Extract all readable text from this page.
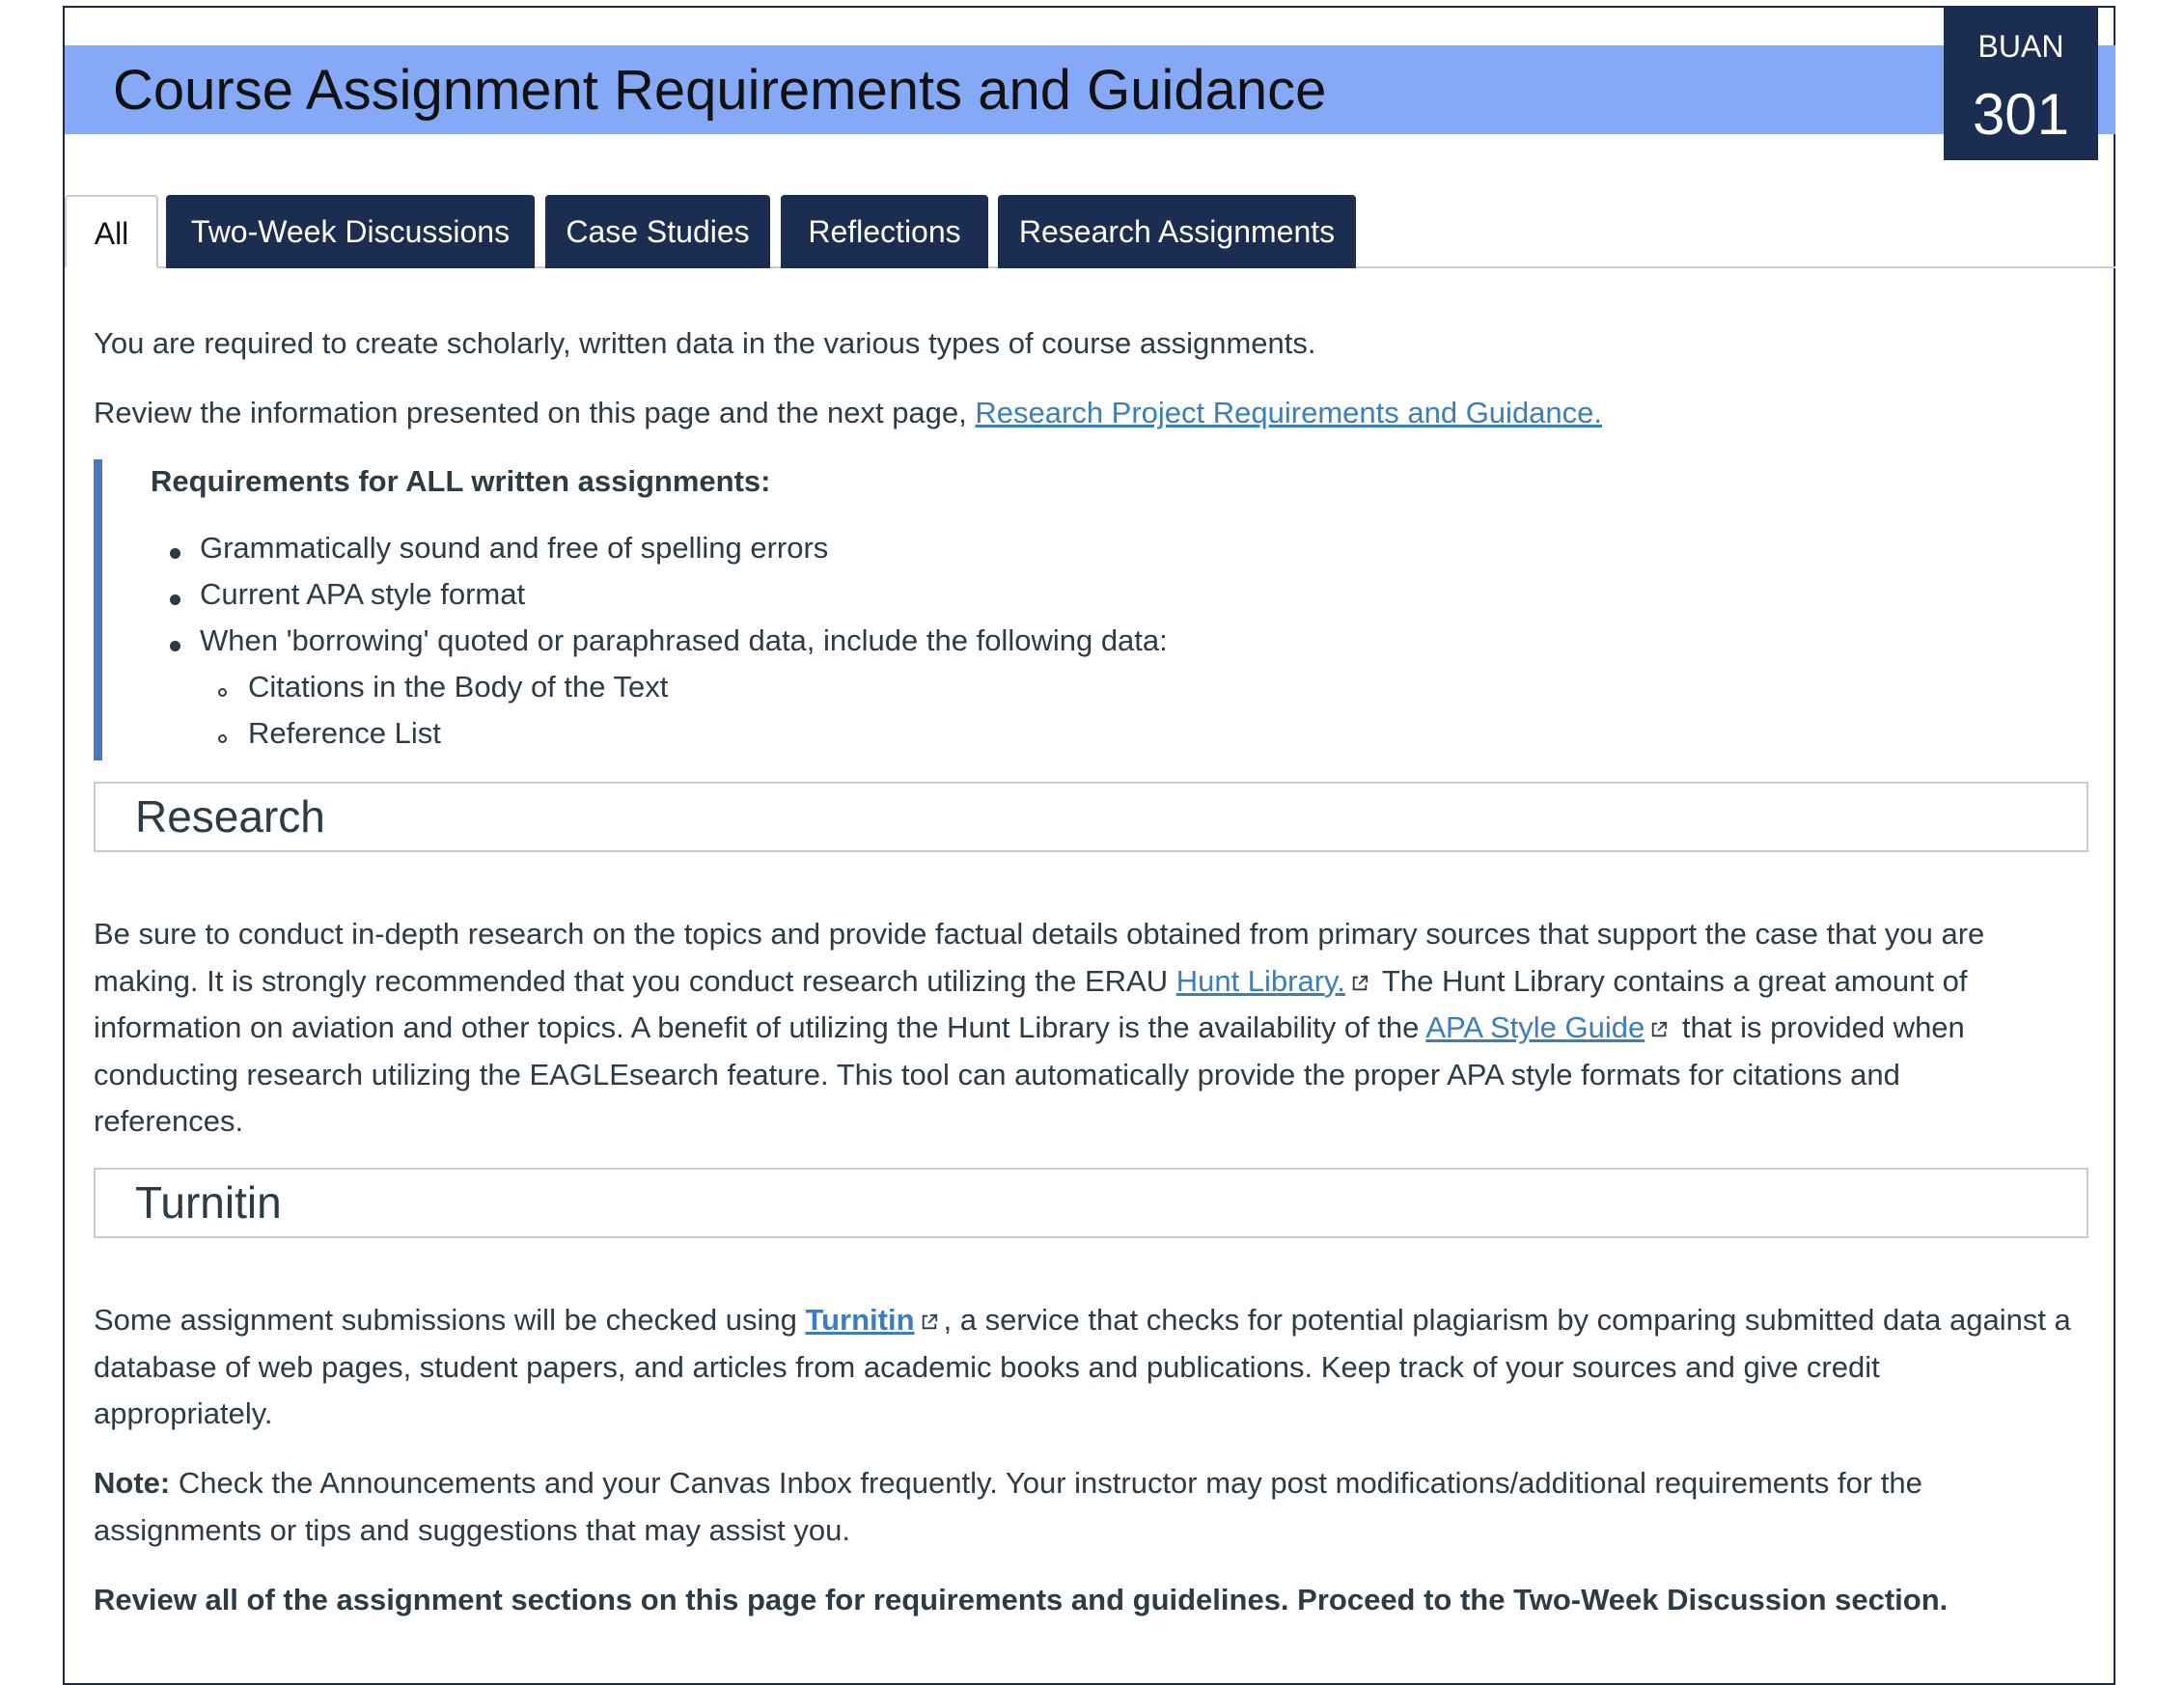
Course Assignment Requirements and Guidance
BUAN
301
All	Two-Week Discussions	Case Studies	Reflections	Research Assignments
You are required to create scholarly, written data in the various types of course assignments.
Review the information presented on this page and the next page, Research Project Requirements and Guidance.
Requirements for ALL written assignments:
Grammatically sound and free of spelling errors
Current APA style format
When 'borrowing' quoted or paraphrased data, include the following data:
Citations in the Body of the Text
Reference List
Research
Be sure to conduct in-depth research on the topics and provide factual details obtained from primary sources that support the case that you are
making. It is strongly recommended that you conduct research utilizing the ERAU Hunt Library. The Hunt Library contains a great amount of
information on aviation and other topics. A benefit of utilizing the Hunt Library is the availability of the APA Style Guide that is provided when
conducting research utilizing the EAGLEsearch feature. This tool can automatically provide the proper APA style formats for citations and
references.
Turnitin
Some assignment submissions will be checked using Turnitin , a service that checks for potential plagiarism by comparing submitted data against a
database of web pages, student papers, and articles from academic books and publications. Keep track of your sources and give credit
appropriately.
Note: Check the Announcements and your Canvas Inbox frequently. Your instructor may post modifications/additional requirements for the
assignments or tips and suggestions that may assist you.
Review all of the assignment sections on this page for requirements and guidelines. Proceed to the Two-Week Discussion section.
